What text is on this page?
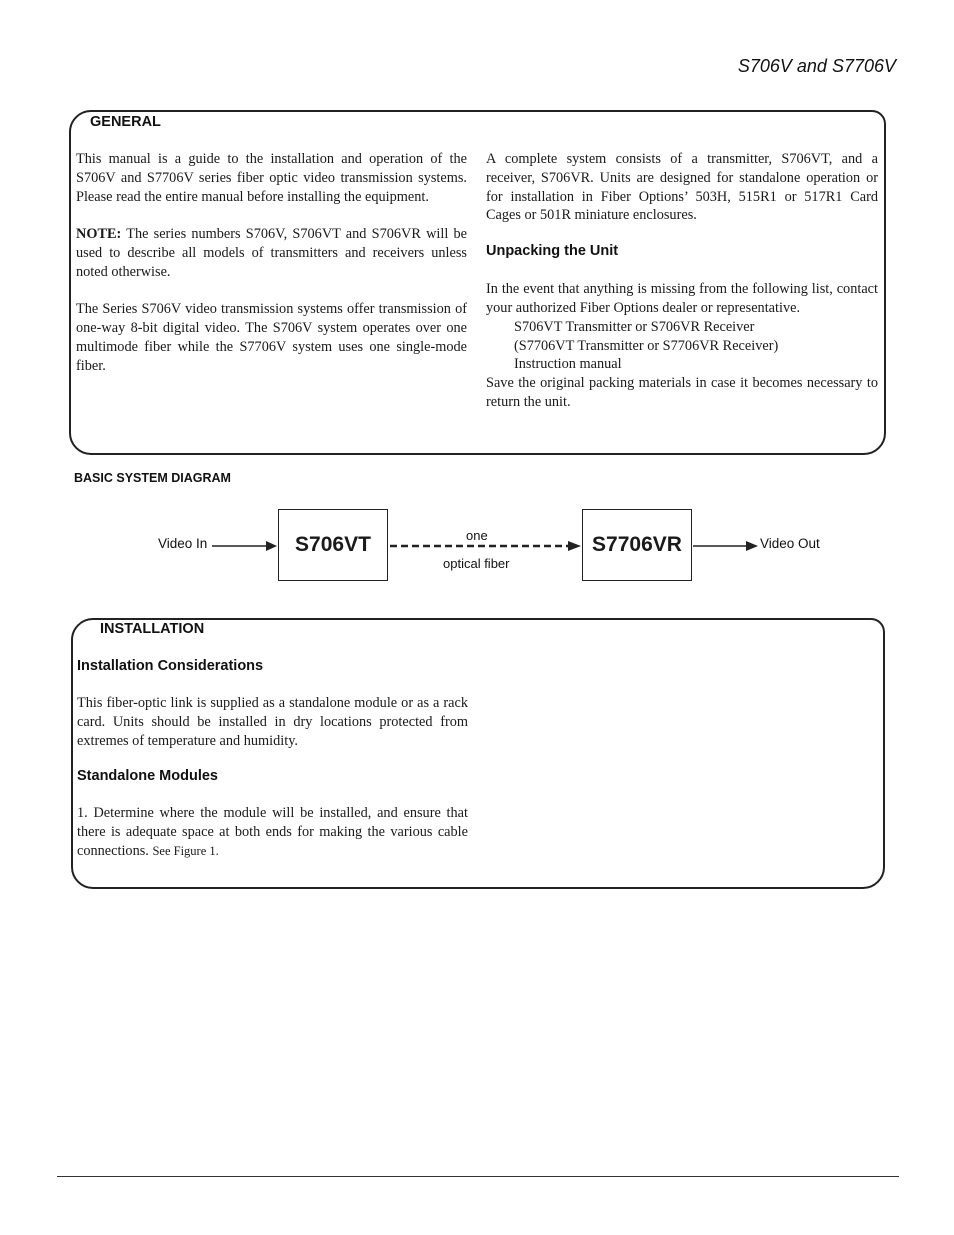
S706V and S7706V
GENERAL

This manual is a guide to the installation and operation of the S706V and S7706V series fiber optic video transmission systems. Please read the entire manual before installing the equipment.

NOTE: The series numbers S706V, S706VT and S706VR will be used to describe all models of transmitters and receivers unless noted otherwise.

The Series S706V video transmission systems offer transmission of one-way 8-bit digital video. The S706V system operates over one multimode fiber while the S7706V system uses one single-mode fiber.

A complete system consists of a transmitter, S706VT, and a receiver, S706VR. Units are designed for standalone operation or for installation in Fiber Options’ 503H, 515R1 or 517R1 Card Cages or 501R miniature enclosures.

Unpacking the Unit

In the event that anything is missing from the following list, contact your authorized Fiber Options dealer or representative.

S706VT Transmitter or S706VR Receiver

(S7706VT Transmitter or S7706VR Receiver)

Instruction manual

Save the original packing materials in case it becomes necessary to return the unit.

BASIC SYSTEM DIAGRAM
Video In	S706VT	one
optical fiber
S7706VR	Video Out
INSTALLATION
Installation Considerations

This fiber-optic link is supplied as a standalone module or as a rack card. Units should be installed in dry locations protected from extremes of temperature and humidity.

Standalone Modules

1. Determine where the module will be installed, and ensure that there is adequate space at both ends for making the various cable connections. See Figure 1.
